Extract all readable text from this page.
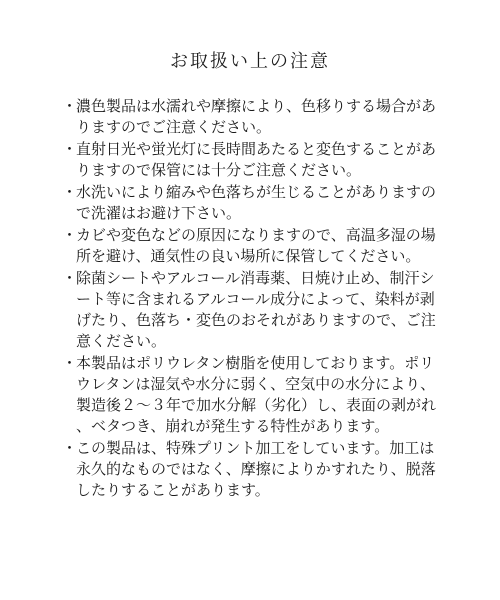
お取扱い上の注意
・
濃色製品は水濡れや摩擦により、色移りする場合がありますのでご注意ください。
・
直射日光や蛍光灯に長時間あたると変色することがありますので保管には十分ご注意ください。
・
水洗いにより縮みや色落ちが生じることがありますので洗濯はお避け下さい。
・
カビや変色などの原因になりますので、高温多湿の場所を避け、通気性の良い場所に保管してください。
・
除菌シートやアルコール消毒薬、日焼け止め、制汗シート等に含まれるアルコール成分によって、染料が剥げたり、色落ち・変色のおそれがありますので、ご注意ください。
・
本製品はポリウレタン樹脂を使用しております。ポリウレタンは湿気や水分に弱く、空気中の水分により、製造後２～３年で加水分解（劣化）し、表面の剥がれ、ベタつき、崩れが発生する特性があります。
・
この製品は、特殊プリント加工をしています。加工は永久的なものではなく、摩擦によりかすれたり、脱落したりすることがあります。
